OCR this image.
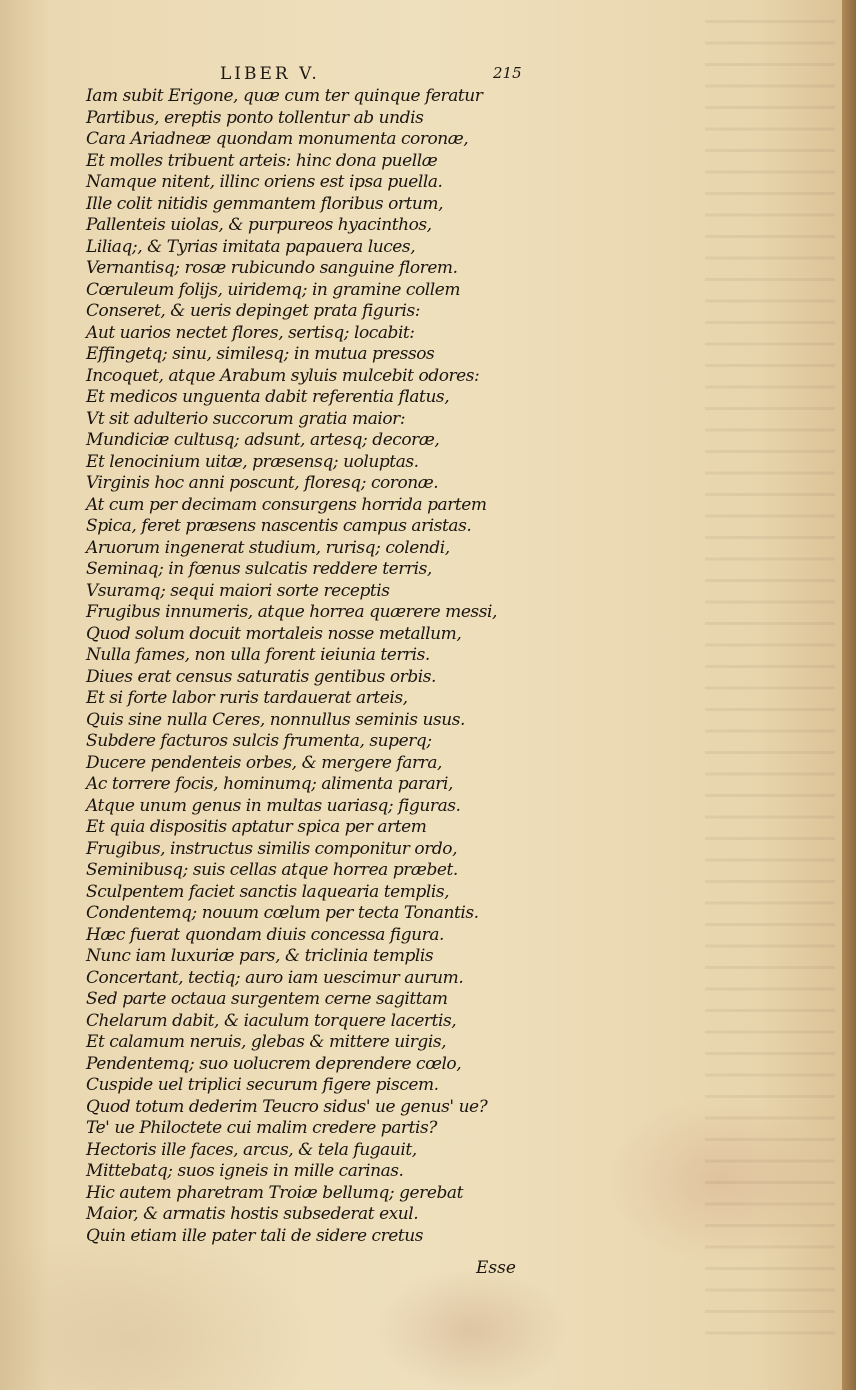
LIBER V.	215
Iam subit Erigone, quæ cum ter quinque feratur
Partibus, ereptis ponto tollentur ab undis
Cara Ariadneæ quondam monumenta coronæ,
Et molles tribuent arteis: hinc dona puellæ
Namque nitent, illinc oriens est ipsa puella.
Ille colit nitidis gemmantem floribus ortum,
Pallenteis uiolas, & purpureos hyacinthos,
Liliaq;, & Tyrias imitata papauera luces,
Vernantisq; rosæ rubicundo sanguine florem.
Cœruleum folijs, uiridemq; in gramine collem
Conseret, & ueris depinget prata figuris:
Aut uarios nectet flores, sertisq; locabit:
Effingetq; sinu, similesq; in mutua pressos
Incoquet, atque Arabum syluis mulcebit odores:
Et medicos unguenta dabit referentia flatus,
Vt sit adulterio succorum gratia maior:
Mundiciæ cultusq; adsunt, artesq; decoræ,
Et lenocinium uitæ, præsensq; uoluptas.
Virginis hoc anni poscunt, floresq; coronæ.
At cum per decimam consurgens horrida partem
Spica, feret præsens nascentis campus aristas.
Aruorum ingenerat studium, rurisq; colendi,
Seminaq; in fœnus sulcatis reddere terris,
Vsuramq; sequi maiori sorte receptis
Frugibus innumeris, atque horrea quærere messi,
Quod solum docuit mortaleis nosse metallum,
Nulla fames, non ulla forent ieiunia terris.
Diues erat census saturatis gentibus orbis.
Et si forte labor ruris tardauerat arteis,
Quis sine nulla Ceres, nonnullus seminis usus.
Subdere facturos sulcis frumenta, superq;
Ducere pendenteis orbes, & mergere farra,
Ac torrere focis, hominumq; alimenta parari,
Atque unum genus in multas uariasq; figuras.
Et quia dispositis aptatur spica per artem
Frugibus, instructus similis componitur ordo,
Seminibusq; suis cellas atque horrea præbet.
Sculpentem faciet sanctis laquearia templis,
Condentemq; nouum cœlum per tecta Tonantis.
Hæc fuerat quondam diuis concessa figura.
Nunc iam luxuriæ pars, & triclinia templis
Concertant, tectiq; auro iam uescimur aurum.
Sed parte octaua surgentem cerne sagittam
Chelarum dabit, & iaculum torquere lacertis,
Et calamum neruis, glebas & mittere uirgis,
Pendentemq; suo uolucrem deprendere cœlo,
Cuspide uel triplici securum figere piscem.
Quod totum dederim Teucro sidus' ue genus' ue?
Te' ue Philoctete cui malim credere partis?
Hectoris ille faces, arcus, & tela fugauit,
Mittebatq; suos igneis in mille carinas.
Hic autem pharetram Troiæ bellumq; gerebat
Maior, & armatis hostis subsederat exul.
Quin etiam ille pater tali de sidere cretus
Esse
